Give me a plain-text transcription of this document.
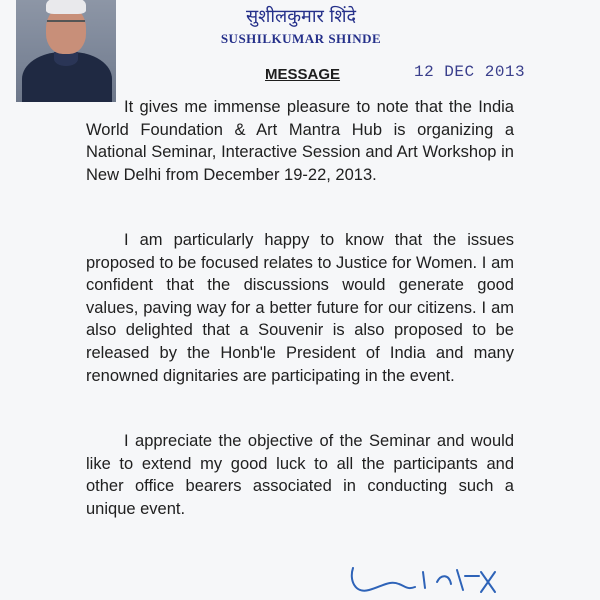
सुशीलकुमार शिंदे
SUSHILKUMAR SHINDE
MESSAGE	12 DEC 2013

It gives me immense pleasure to note that the India World Foundation & Art Mantra Hub is organizing a National Seminar, Interactive Session and Art Workshop in New Delhi from December 19-22, 2013.

I am particularly happy to know that the issues proposed to be focused relates to Justice for Women. I am confident that the discussions would generate good values, paving way for a better future for our citizens. I am also delighted that a Souvenir is also proposed to be released by the Honb'le President of India and many renowned dignitaries are participating in the event.

I appreciate the objective of the Seminar and would like to extend my good luck to all the participants and other office bearers associated in conducting such a unique event.
